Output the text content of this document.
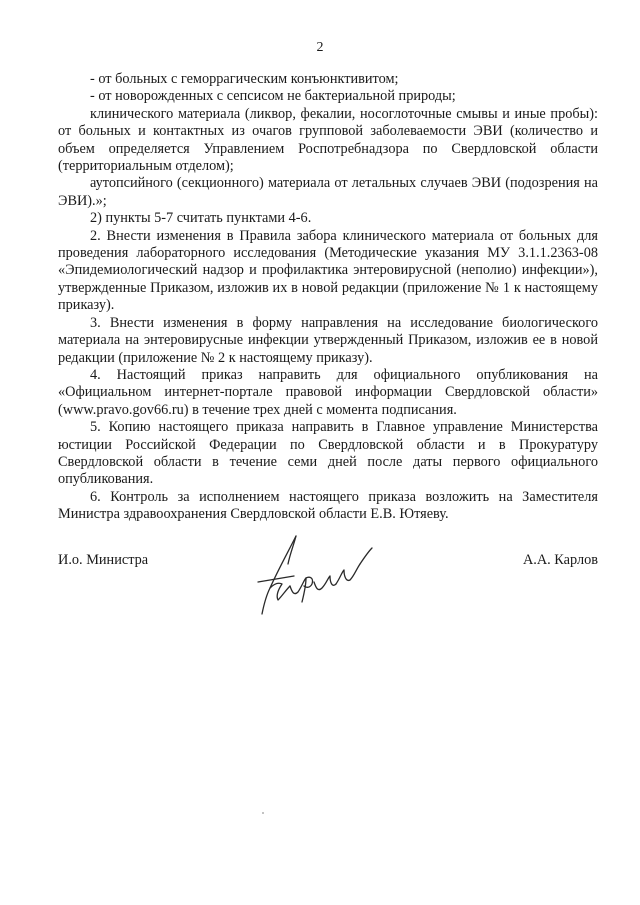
2

- от больных с геморрагическим конъюнктивитом;

- от новорожденных с сепсисом не бактериальной природы;

клинического материала (ликвор, фекалии, носоглоточные смывы и иные пробы): от больных и контактных из очагов групповой заболеваемости ЭВИ (количество и объем определяется Управлением Роспотребнадзора по Свердловской области (территориальным отделом);

аутопсийного (секционного) материала от летальных случаев ЭВИ (подозрения на ЭВИ).»;

2) пункты 5-7 считать пунктами 4-6.

2. Внести изменения в Правила забора клинического материала от больных для проведения лабораторного исследования (Методические указания МУ 3.1.1.2363-08 «Эпидемиологический надзор и профилактика энтеровирусной (неполио) инфекции»), утвержденные Приказом, изложив их в новой редакции (приложение № 1 к настоящему приказу).

3. Внести изменения в форму направления на исследование биологического материала на энтеровирусные инфекции утвержденный Приказом, изложив ее в новой редакции (приложение № 2 к настоящему приказу).

4. Настоящий приказ направить для официального опубликования на «Официальном интернет-портале правовой информации Свердловской области» (www.pravo.gov66.ru) в течение трех дней с момента подписания.

5. Копию настоящего приказа направить в Главное управление Министерства юстиции Российской Федерации по Свердловской области и в Прокуратуру Свердловской области в течение семи дней после даты первого официального опубликования.

6. Контроль за исполнением настоящего приказа возложить на Заместителя Министра здравоохранения Свердловской области Е.В. Ютяеву.

И.о. Министра	А.А. Карлов
